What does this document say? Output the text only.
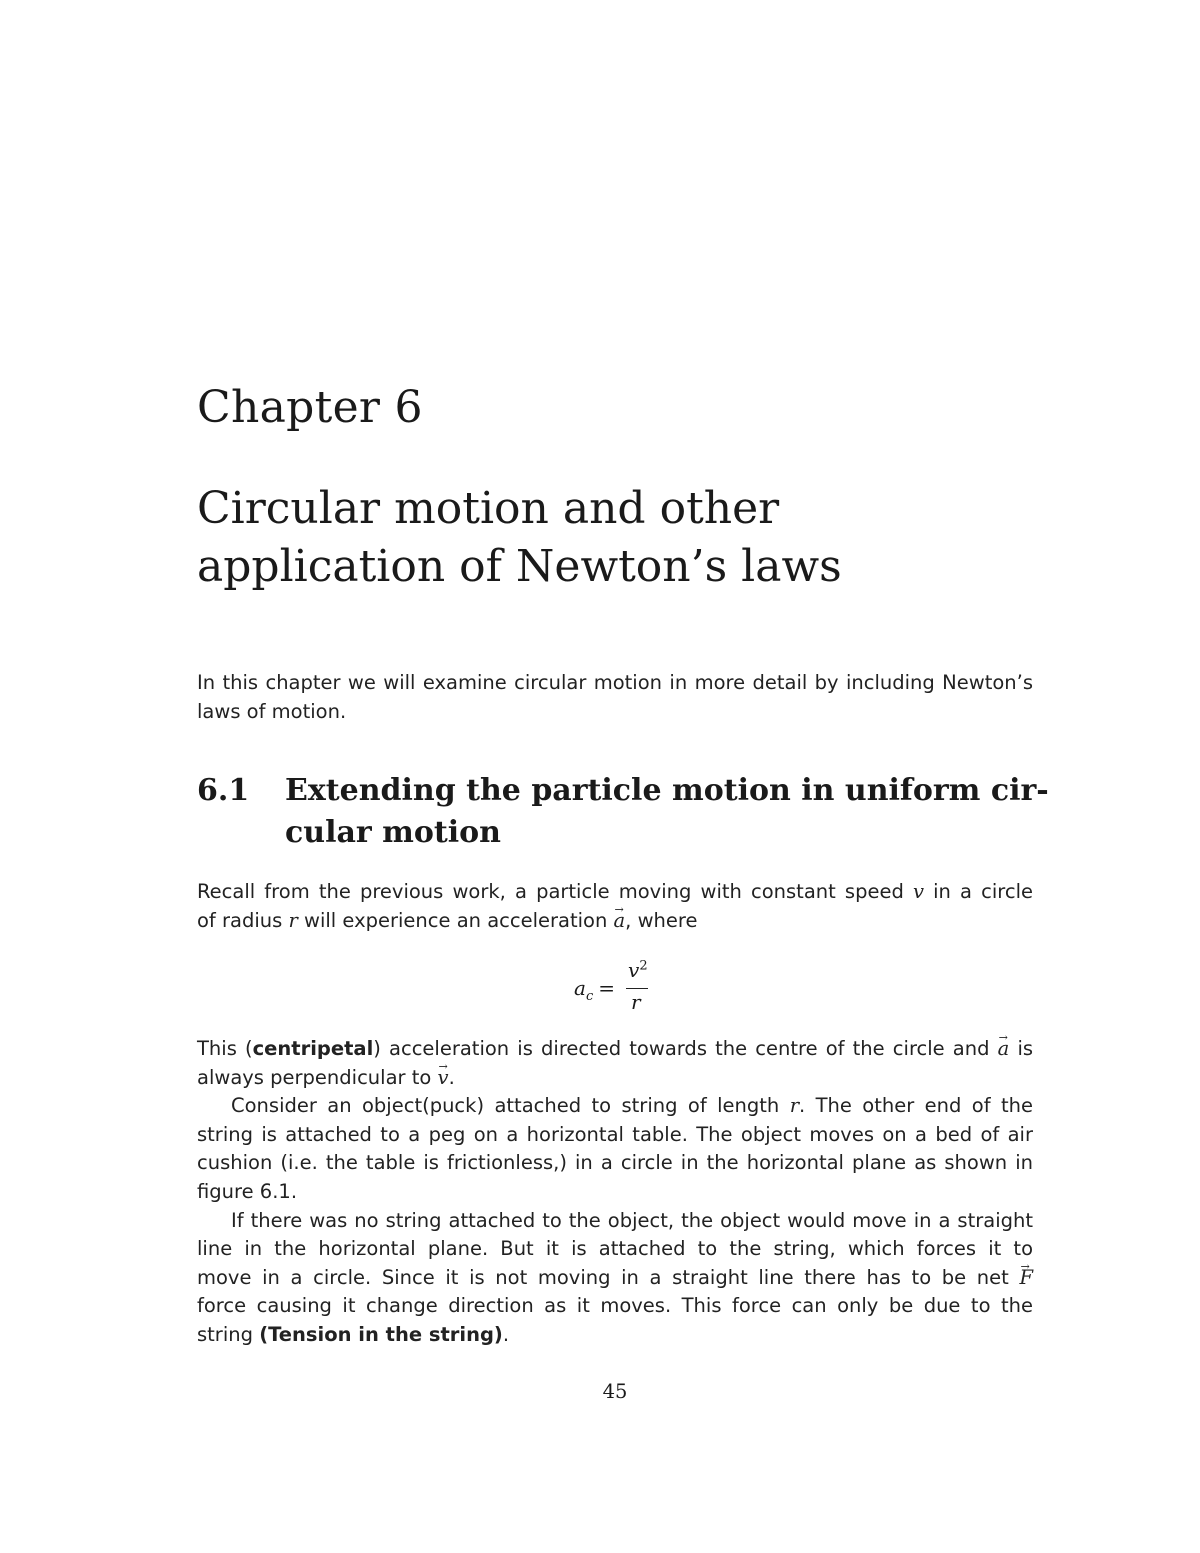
Chapter 6
Circular motion and other
application of Newton’s laws
In this chapter we will examine circular motion in more detail by including Newton’s
laws of motion.
6.1 Extending the particle motion in uniform cir-
cular motion
Recall from the previous work, a particle moving with constant speed v in a circle
of radius r will experience an acceleration → a, where
$a_c$ =
$v^2$
r
This (centripetal) acceleration is directed towards the centre of the circle and → a is
always perpendicular to → v.
Consider an object(puck) attached to string of length r. The other end of the
string is attached to a peg on a horizontal table. The object moves on a bed of air
cushion (i.e. the table is frictionless,) in a circle in the horizontal plane as shown in
figure 6.1.
If there was no string attached to the object, the object would move in a straight
line in the horizontal plane. But it is attached to the string, which forces it to
move in a circle. Since it is not moving in a straight line there has to be net → F
force causing it change direction as it moves. This force can only be due to the
string (Tension in the string).
45
